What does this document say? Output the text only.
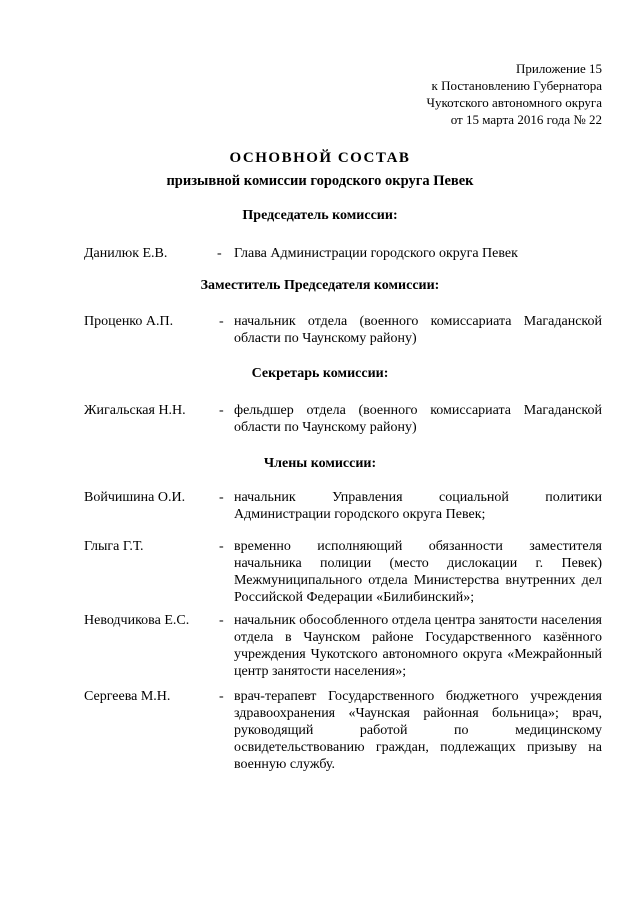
Приложение 15
к Постановлению Губернатора
Чукотского автономного округа
от 15 марта 2016 года № 22
ОСНОВНОЙ СОСТАВ
призывной комиссии городского округа Певек
Председатель комиссии:
Данилюк Е.В.	- Глава Администрации городского округа Певек
Заместитель Председателя комиссии:
Проценко А.П.	- начальник отдела (военного комиссариата Магаданской области по Чаунскому району)
Секретарь комиссии:
Жигальская Н.Н. - фельдшер отдела (военного комиссариата Магаданской области по Чаунскому району)
Члены комиссии:
Войчишина О.И. - начальник Управления социальной политики Администрации городского округа Певек;
Глыга Г.Т.	- временно исполняющий обязанности заместителя начальника полиции (место дислокации г. Певек) Межмуниципального отдела Министерства внутренних дел Российской Федерации «Билибинский»;
Неводчикова Е.С. - начальник обособленного отдела центра занятости населения отдела в Чаунском районе Государственного казённого учреждения Чукотского автономного округа «Межрайонный центр занятости населения»;
Сергеева М.Н.	- врач-терапевт Государственного бюджетного учреждения здравоохранения «Чаунская районная больница»; врач, руководящий работой по медицинскому освидетельствованию граждан, подлежащих призыву на военную службу.
